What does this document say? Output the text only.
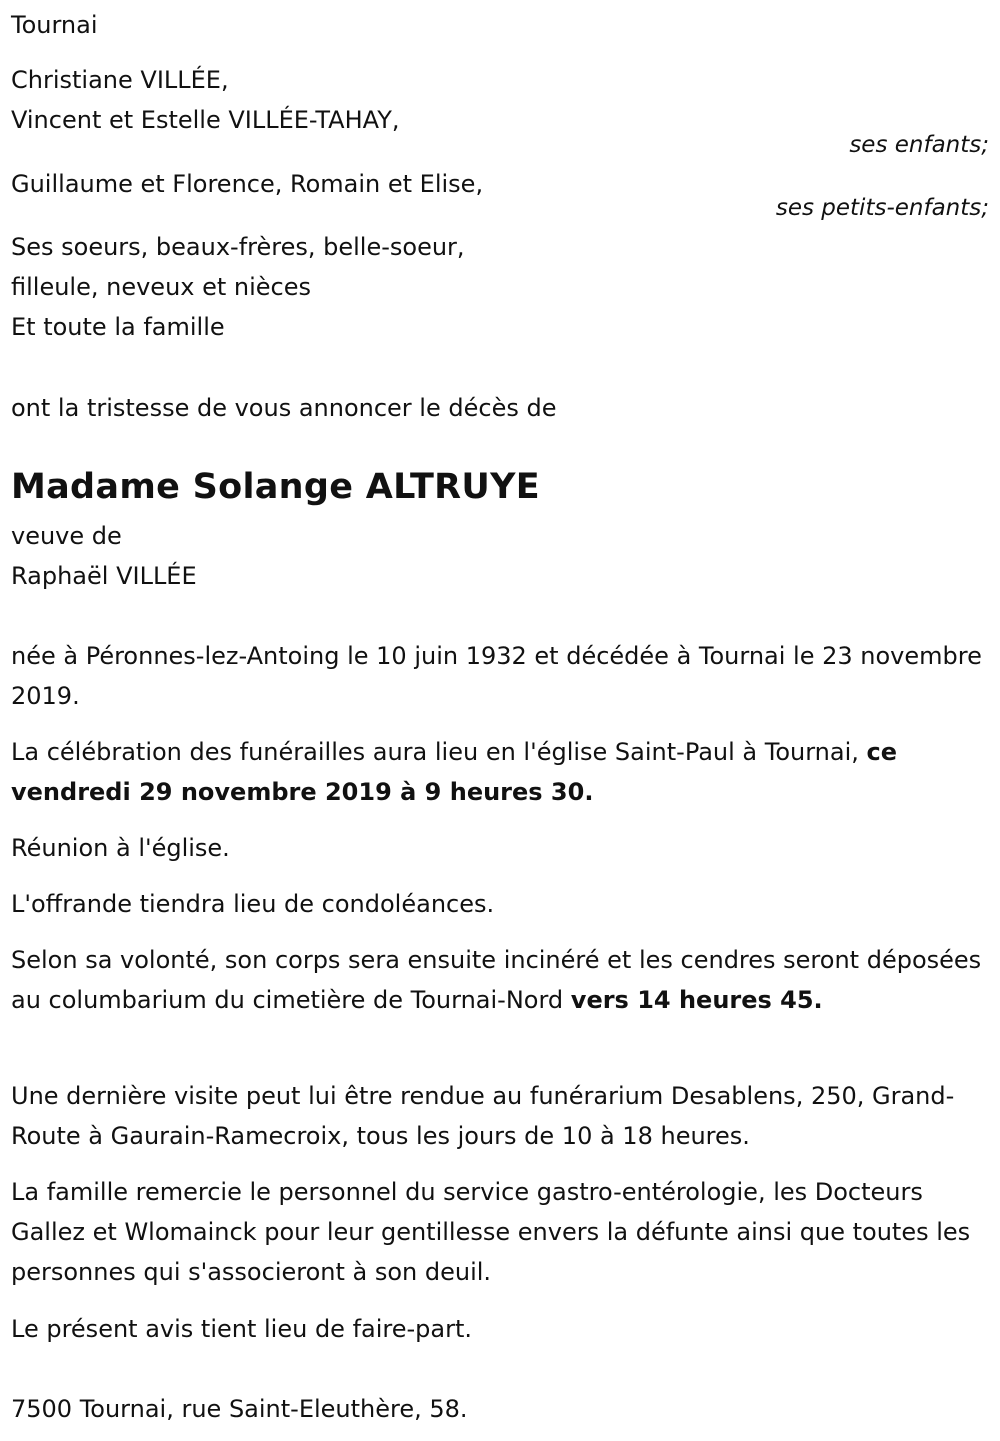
Tournai
Christiane VILLÉE,
Vincent et Estelle VILLÉE-TAHAY,
ses enfants;
Guillaume et Florence, Romain et Elise,
ses petits-enfants;
Ses soeurs, beaux-frères, belle-soeur,
filleule, neveux et nièces
Et toute la famille
ont la tristesse de vous annoncer le décès de
Madame Solange ALTRUYE
veuve de
Raphaël VILLÉE
née à Péronnes-lez-Antoing le 10 juin 1932 et décédée à Tournai le 23 novembre 2019.
La célébration des funérailles aura lieu en l'église Saint-Paul à Tournai, ce vendredi 29 novembre 2019 à 9 heures 30.
Réunion à l'église.
L'offrande tiendra lieu de condoléances.
Selon sa volonté, son corps sera ensuite incinéré et les cendres seront déposées au columbarium du cimetière de Tournai-Nord vers 14 heures 45.
Une dernière visite peut lui être rendue au funérarium Desablens, 250, Grand-Route à Gaurain-Ramecroix, tous les jours de 10 à 18 heures.
La famille remercie le personnel du service gastro-entérologie, les Docteurs Gallez et Wlomainck pour leur gentillesse envers la défunte ainsi que toutes les personnes qui s'associeront à son deuil.
Le présent avis tient lieu de faire-part.
7500 Tournai, rue Saint-Eleuthère, 58.
